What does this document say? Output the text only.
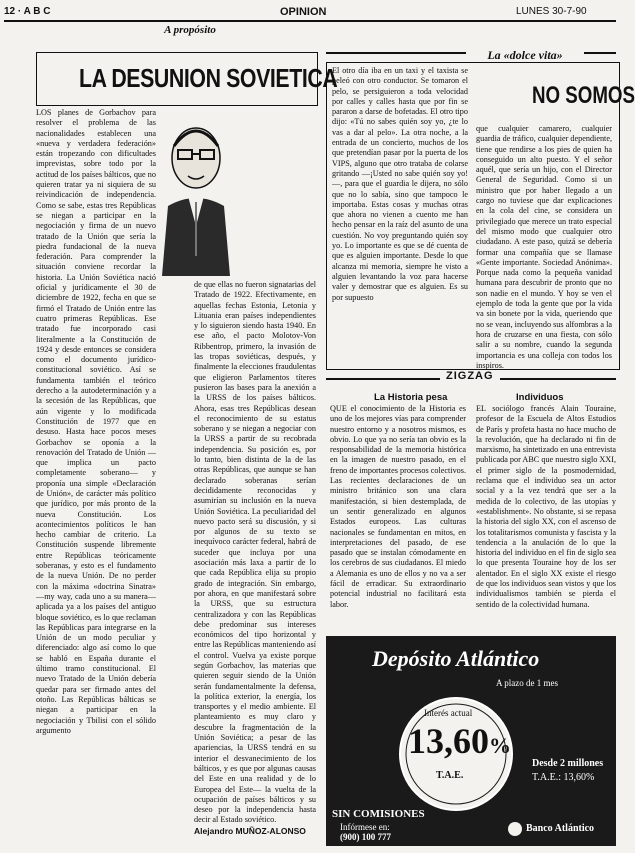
12 · A B C	OPINION	LUNES 30-7-90
A propósito
LA DESUNION SOVIETICA

LOS planes de Gorbachov para resolver el problema de las nacionalidades establecen una «nueva y verdadera federación» están tropezando con dificultades imprevistas, sobre todo por la actitud de los países bálticos, que no quieren tratar ya ni siquiera de su reivindicación de independencia. Como se sabe, estas tres Repúblicas se niegan a participar en la negociación y firma de un nuevo tratado de la Unión que sería la piedra fundacional de la nueva federación. Para comprender la situación conviene recordar la historia. La Unión Soviética nació oficial y jurídicamente el 30 de diciembre de 1922, fecha en que se firmó el Tratado de Unión entre las cuatro primeras Repúblicas. Ese tratado fue incorporado casi literalmente a la Constitución de 1924 y desde entonces se considera como el documento jurídico-constitucional soviético. Así se fundamenta también el teórico derecho a la autodeterminación y a la secesión de las Repúblicas, que aún vigente y lo modificada Constitución de 1977 que en desuso. Hasta hace pocos meses Gorbachov se oponía a la renovación del Tratado de Unión —que implica un pacto completamente soberano— y proponía una simple «Declaración de Unión», de carácter más político que jurídico, por más pronto de la nueva Constitución. Los acontecimientos políticos le han hecho cambiar de criterio. La Constitución suspende libremente entre Repúblicas teóricamente soberanas, y esto es el fundamento de la nueva Unión. De no perder con la máxima «doctrina Sinatra» —my way, cada uno a su manera— aplicada ya a los países del antiguo bloque soviético, es lo que reclaman las Repúblicas para integrarse en la Unión de un modo peculiar y diferenciado: algo así como lo que se habló en España durante el último tramo constitucional. El nuevo Tratado de la Unión debería quedar para ser firmado antes del otoño. Las Repúblicas bálticas se niegan a participar en la negociación y Tbilisi con el sólido argumento

de que ellas no fueron signatarias del Tratado de 1922. Efectivamente, en aquellas fechas Estonia, Letonia y Lituania eran países independientes y lo siguieron siendo hasta 1940. En ese año, el pacto Molotov-Von Ribbentrop, primero, la invasión de las tropas soviéticas, después, y finalmente la elecciones fraudulentas que eligieron Parlamentos títeres pusieron las bases para la anexión a la URSS de los países bálticos. Ahora, esas tres Repúblicas desean el reconocimiento de su estatus soberano y se niegan a negociar con la URSS a partir de su recobrada independencia. Su posición es, por lo tanto, bien distinta de la de las otras Repúblicas, que aunque se han declarado soberanas serían decididamente reconocidas y asumirían su inclusión en la nueva Unión Soviética. La peculiaridad del nuevo pacto será su discusión, y si por algunos de su texto se inequívoco carácter federal, habrá de suceder que incluya por una asociación más laxa a partir de lo que cada República elija su propio grado de integración. Sin embargo, por ahora, en que manifestará sobre la URSS, que su estructura centralizadora y con las Repúblicas debe predominar sus intereses económicos del tipo horizontal y entre las Repúblicas manteniendo así el control. Vuelva ya existe porque según Gorbachov, las materias que quieren seguir siendo de la Unión serán fundamentalmente la defensa, la política exterior, la energía, los transportes y el medio ambiente. El planteamiento es muy claro y descubre la fragmentación de la Unión Soviética; a pesar de las apariencias, la URSS tendrá en su interior el desvanecimiento de los bálticos, y es que por algunas causas del Este en una realidad y de lo Europea del Este— la vuelta de la ocupación de países bálticos y su deseo por la independencia hasta decir al Estado soviético.

Alejandro MUÑOZ-ALONSO
La «dolce vita»
NO SOMOS

El otro día iba en un taxi y el taxista se peleó con otro conductor. Se tomaron el pelo, se persiguieron a toda velocidad por calles y calles hasta que por fin se pararon a darse de bofetadas. El otro tipo dijo: «Tú no sabes quién soy yo, ¿te lo vas a dar al pelo». La otra noche, a la entrada de un concierto, muchos de los que pretendían pasar por la puerta de los VIPS, alguno que otro trataba de colarse gritando —¡Usted no sabe quién soy yo!—, para que el guardia le dijera, no sólo que no lo sabía, sino que tampoco le importaba. Estas cosas y muchas otras que ahora no vienen a cuento me han hecho pensar en la raíz del asunto de una cuestión. No voy preguntando quién soy yo. Lo importante es que se dé cuenta de que es alguien importante. Desde lo que alcanza mi memoria, siempre he visto a alguien levantando la voz para hacerse valer y demostrar que es alguien. Es su por supuesto

que cualquier camarero, cualquier guardia de tráfico, cualquier dependiente, tiene que rendirse a los pies de quien ha conseguido un alto puesto. Y el señor aquél, que sería un hijo, con el Director General de Seguridad. Como si un ministro que por haber llegado a un cargo no tuviese que dar explicaciones en la cola del cine, se considera un privilegiado que merece un trato especial del mismo modo que cualquier otro ciudadano. A este paso, quizá se debería formar una compañía que se llamase «Gente importante. Sociedad Anónima». Porque nada como la pequeña vanidad humana para descubrir de pronto que no son nadie en el mundo. Y hoy se ven el ejemplo de toda la gente que por la vida va sin bonete por la vida, queriendo que no se vean, incluyendo sus alfombras a la hora de cruzarse en una fiesta, con sólo salir a su nombre, cuando la segunda importancia es una colleja con todos los inspiros.

ZIGZAG
La Historia pesa

QUE el conocimiento de la Historia es uno de los mejores vías para comprender nuestro entorno y a nosotros mismos, es obvio. Lo que ya no sería tan obvio es la responsabilidad de la memoria histórica en la imagen de nuestro pasado, en el freno de importantes procesos colectivos. Las recientes declaraciones de un ministro británico son una clara manifestación, si bien destemplada, de un sentir generalizado en algunos Estados europeos. Las culturas nacionales se fundamentan en mitos, en interpretaciones del pasado, de ese pasado que se instalan cómodamente en los cerebros de sus ciudadanos. El miedo a Alemania es uno de ellos y no va a ser fácil de erradicar. Su extraordinario potencial industrial no facilitará esta labor.

Individuos

EL sociólogo francés Alain Touraine, profesor de la Escuela de Altos Estudios de París y profeta hasta no hace mucho de la revolución, que ha declarado ni fin de marxismo, ha sintetizado en una entrevista publicada por ABC que nuestro siglo XXI, el primer siglo de la posmodernidad, reclama que el individuo sea un actor social y a la vez tendrá que ser a la medida de lo colectivo, de las utopías y «establishment». No obstante, si se repasa la historia del siglo XX, con el ascenso de los totalitarismos comunista y fascista y la tendencia a la anulación de lo que la historia del individuo en el fin de siglo sea lo que presenta Touraine hoy de los ser alentador. En el siglo XX existe el riesgo de que los individuos sean vistos y que los individualismos también se pierda el sentido de la colectividad humana.

Depósito Atlántico
A plazo de 1 mes
Interés actual
13,60%
T.A.E.
Desde 2 millones
T.A.E.: 13,60%
SIN COMISIONES
Infórmese en:
(900) 100 777
Banco Atlántico
